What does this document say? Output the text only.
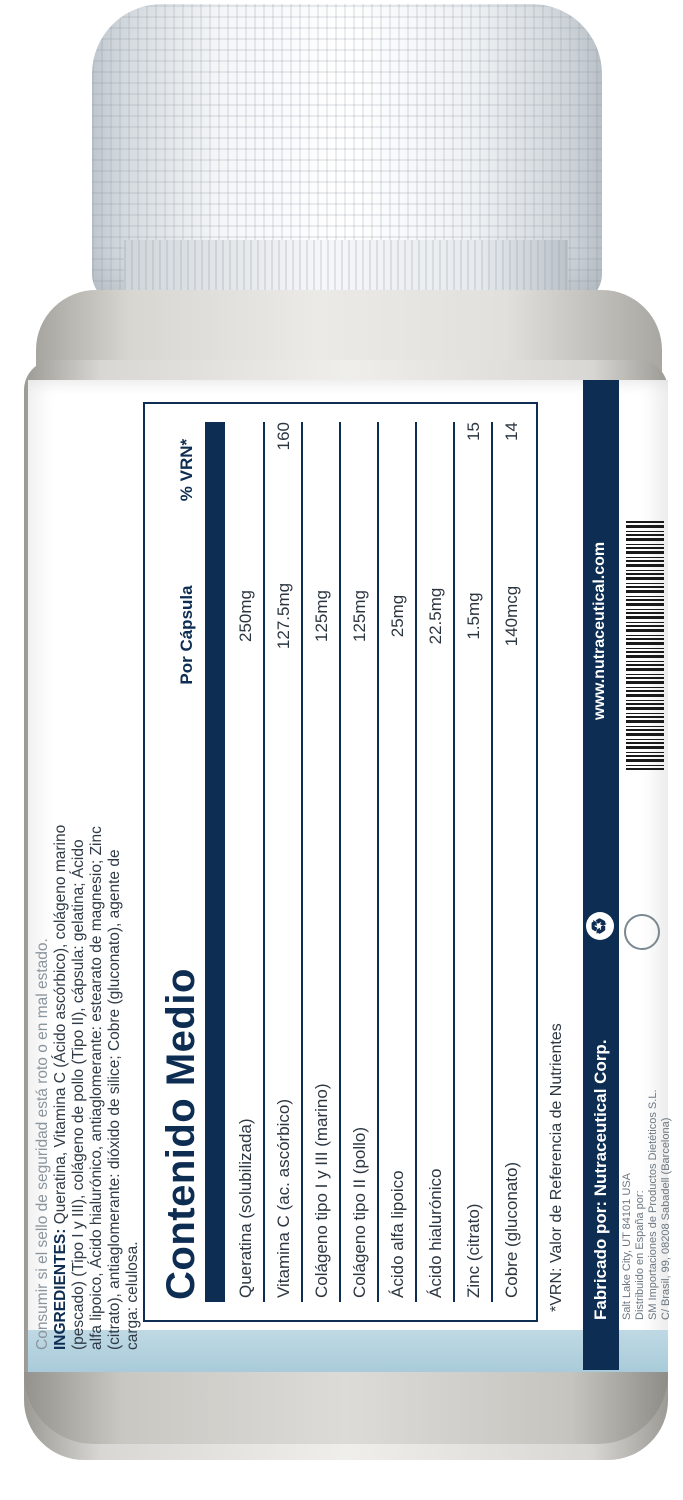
Consumir si el sello de seguridad está roto o en mal estado. INGREDIENTES: Queratina, Vitamina C (Ácido ascórbico), colágeno marino (pescado) (Tipo I y III), colágeno de pollo (Tipo II), cápsula: gelatina; Ácido alfa lipoico, Ácido hialurónico, antiaglomerante: estearato de magnesio; Zinc (citrato), antiaglomerante: dióxido de silice; Cobre (gluconato), agente de carga: celulosa. Contenido Medio
Por Cápsula
% VRN*
Queratina (solubilizada)
250mg
Vitamina C (ac. ascórbico)
127.5mg
160
Colágeno tipo I y III (marino)
125mg
Colágeno tipo II (pollo)
125mg
Ácido alfa lipoico
25mg
Ácido hialurónico
22.5mg
Zinc (citrato)
1.5mg
15
Cobre (gluconato)
140mcg
14
*VRN: Valor de Referencia de Nutrientes Fabricado por: Nutraceutical Corp.
♻
www.nutraceutical.com
Salt Lake City, UT 84101 USA Distribuido en España por: SM Importaciones de Productos Dietéticos S.L. C/ Brasil, 99, 08208 Sabadell (Barcelona)
